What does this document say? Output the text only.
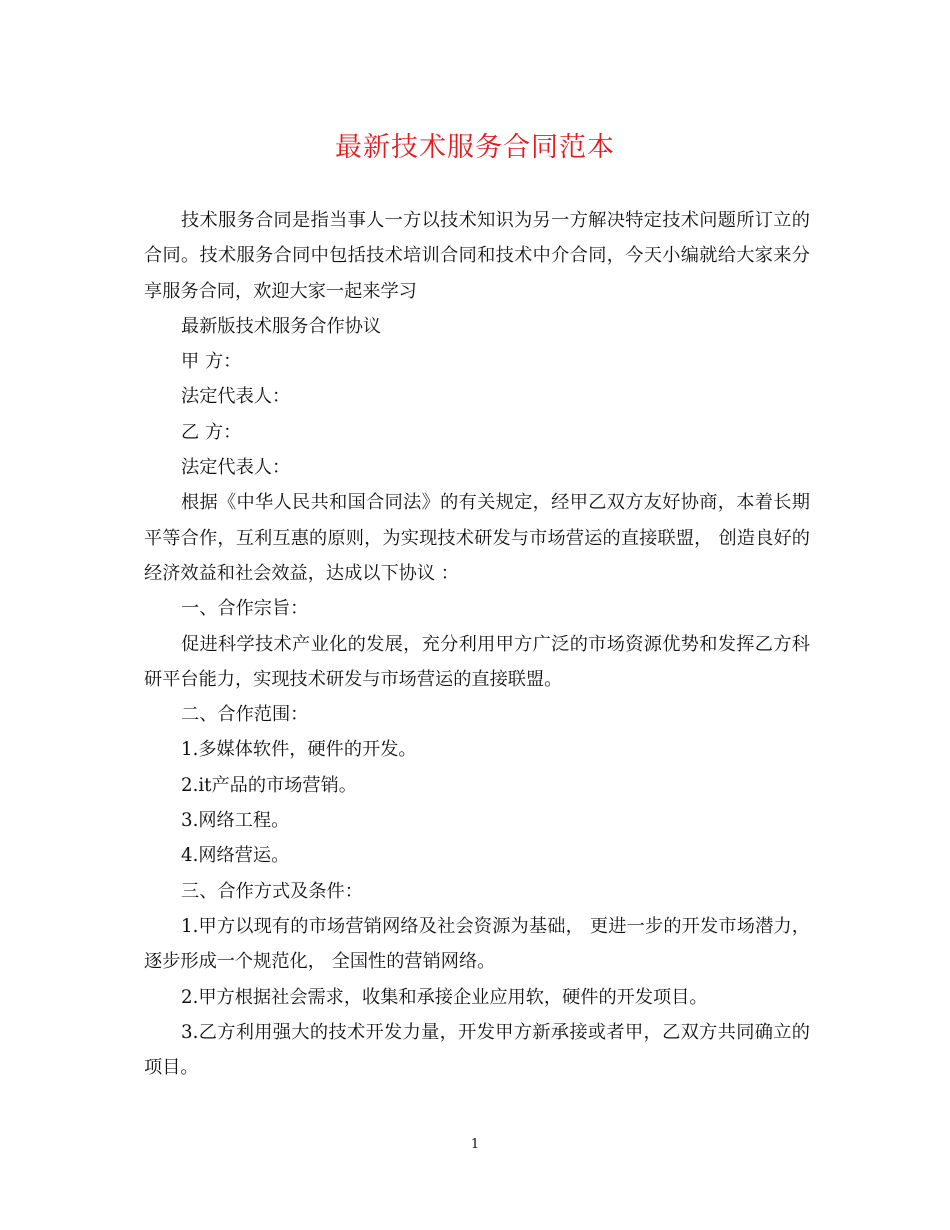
最新技术服务合同范本

技术服务合同是指当事人一方以技术知识为另一方解决特定技术问题所订立的合同。技术服务合同中包括技术培训合同和技术中介合同，今天小编就给大家来分享服务合同，欢迎大家一起来学习

最新版技术服务合作协议

甲 方：

法定代表人：

乙 方：

法定代表人：

根据《中华人民共和国合同法》的有关规定，经甲乙双方友好协商，本着长期平等合作，互利互惠的原则，为实现技术研发与市场营运的直接联盟， 创造良好的经济效益和社会效益，达成以下协议 ：

一、合作宗旨：

促进科学技术产业化的发展，充分利用甲方广泛的市场资源优势和发挥乙方科研平台能力，实现技术研发与市场营运的直接联盟。

二、合作范围：

1.多媒体软件，硬件的开发。

2.it产品的市场营销。

3.网络工程。

4.网络营运。

三、合作方式及条件：

1.甲方以现有的市场营销网络及社会资源为基础， 更进一步的开发市场潜力， 逐步形成一个规范化， 全国性的营销网络。

2.甲方根据社会需求，收集和承接企业应用软，硬件的开发项目。

3.乙方利用强大的技术开发力量，开发甲方新承接或者甲，乙双方共同确立的项目。

1
